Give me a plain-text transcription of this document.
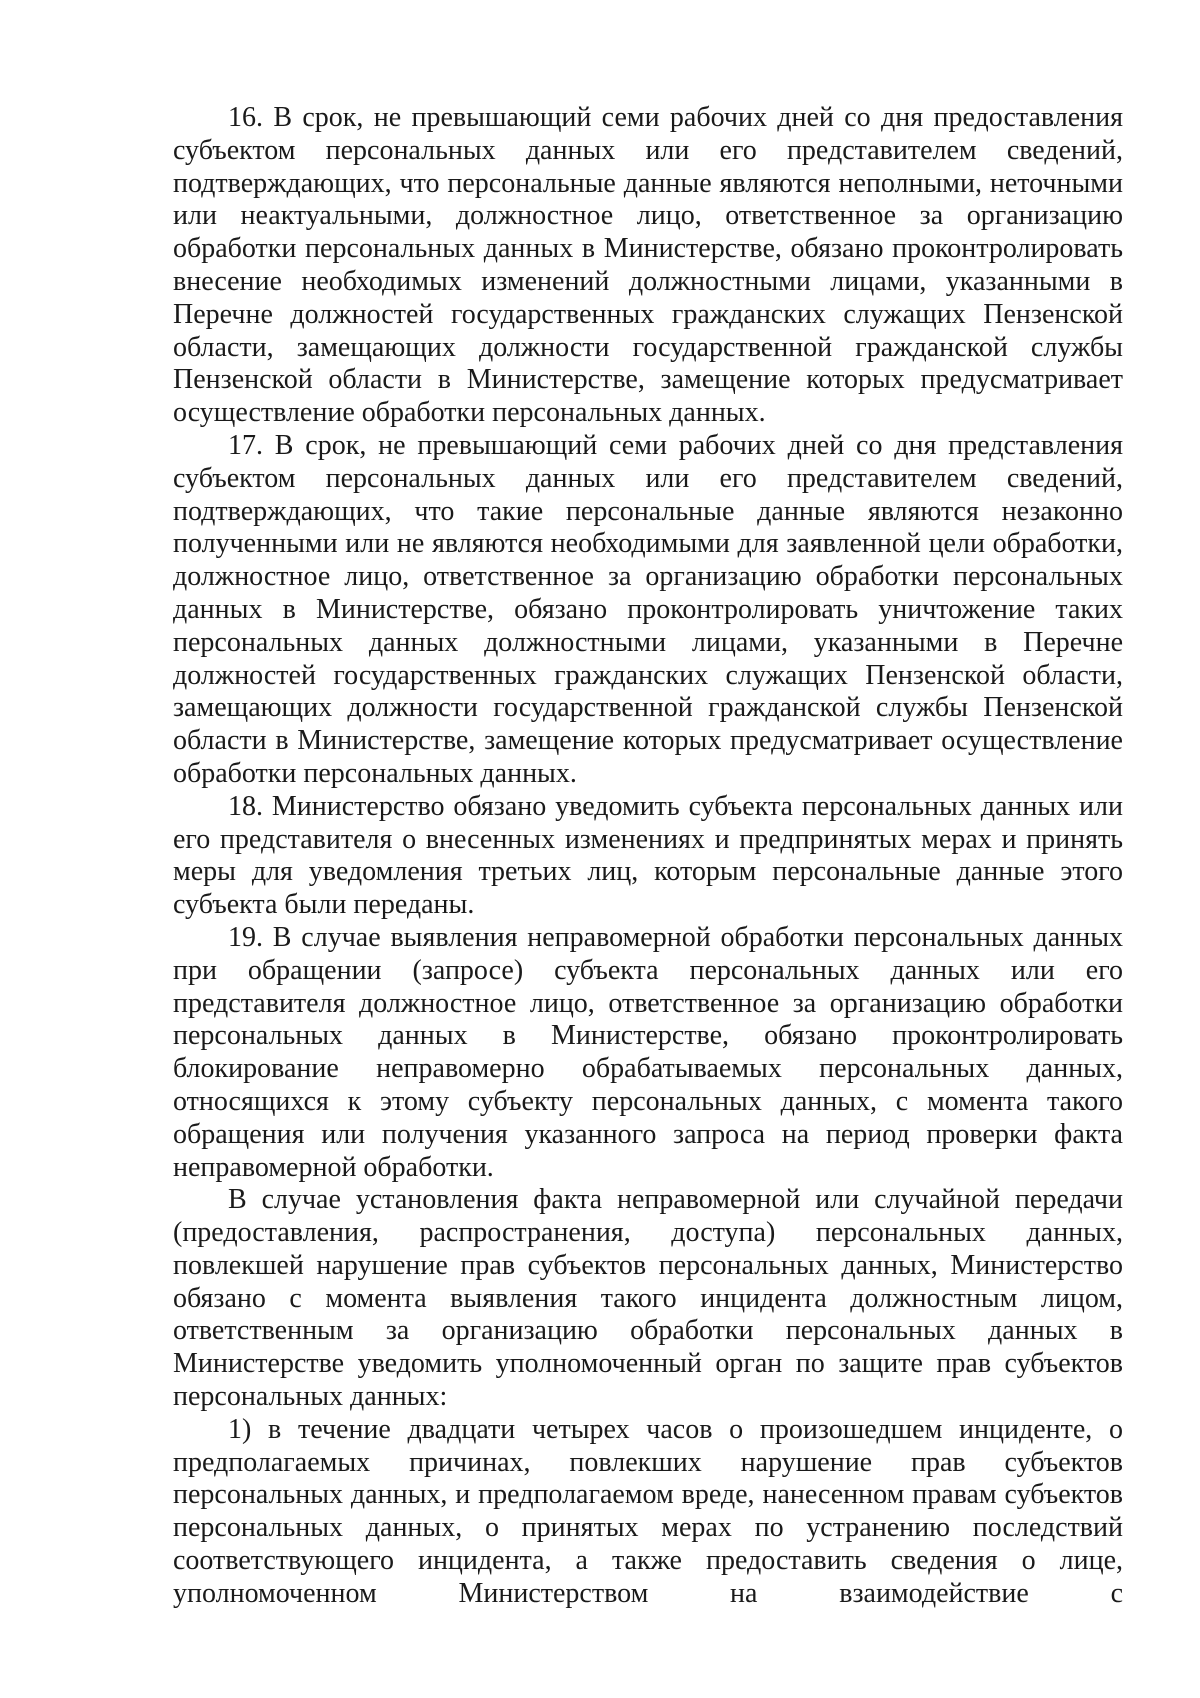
16. В срок, не превышающий семи рабочих дней со дня предоставления субъектом персональных данных или его представителем сведений, подтверждающих, что персональные данные являются неполными, неточными или неактуальными, должностное лицо, ответственное за организацию обработки персональных данных в Министерстве, обязано проконтролировать внесение необходимых изменений должностными лицами, указанными в Перечне должностей государственных гражданских служащих Пензенской области, замещающих должности государственной гражданской службы Пензенской области в Министерстве, замещение которых предусматривает осуществление обработки персональных данных.

17. В срок, не превышающий семи рабочих дней со дня представления субъектом персональных данных или его представителем сведений, подтверждающих, что такие персональные данные являются незаконно полученными или не являются необходимыми для заявленной цели обработки, должностное лицо, ответственное за организацию обработки персональных данных в Министерстве, обязано проконтролировать уничтожение таких персональных данных должностными лицами, указанными в Перечне должностей государственных гражданских служащих Пензенской области, замещающих должности государственной гражданской службы Пензенской области в Министерстве, замещение которых предусматривает осуществление обработки персональных данных.

18. Министерство обязано уведомить субъекта персональных данных или его представителя о внесенных изменениях и предпринятых мерах и принять меры для уведомления третьих лиц, которым персональные данные этого субъекта были переданы.

19. В случае выявления неправомерной обработки персональных данных при обращении (запросе) субъекта персональных данных или его представителя должностное лицо, ответственное за организацию обработки персональных данных в Министерстве, обязано проконтролировать блокирование неправомерно обрабатываемых персональных данных, относящихся к этому субъекту персональных данных, с момента такого обращения или получения указанного запроса на период проверки факта неправомерной обработки.

В случае установления факта неправомерной или случайной передачи (предоставления, распространения, доступа) персональных данных, повлекшей нарушение прав субъектов персональных данных, Министерство обязано с момента выявления такого инцидента должностным лицом, ответственным за организацию обработки персональных данных в Министерстве уведомить уполномоченный орган по защите прав субъектов персональных данных:

1) в течение двадцати четырех часов о произошедшем инциденте, о предполагаемых причинах, повлекших нарушение прав субъектов персональных данных, и предполагаемом вреде, нанесенном правам субъектов персональных данных, о принятых мерах по устранению последствий соответствующего инцидента, а также предоставить сведения о лице, уполномоченном Министерством на взаимодействие с
